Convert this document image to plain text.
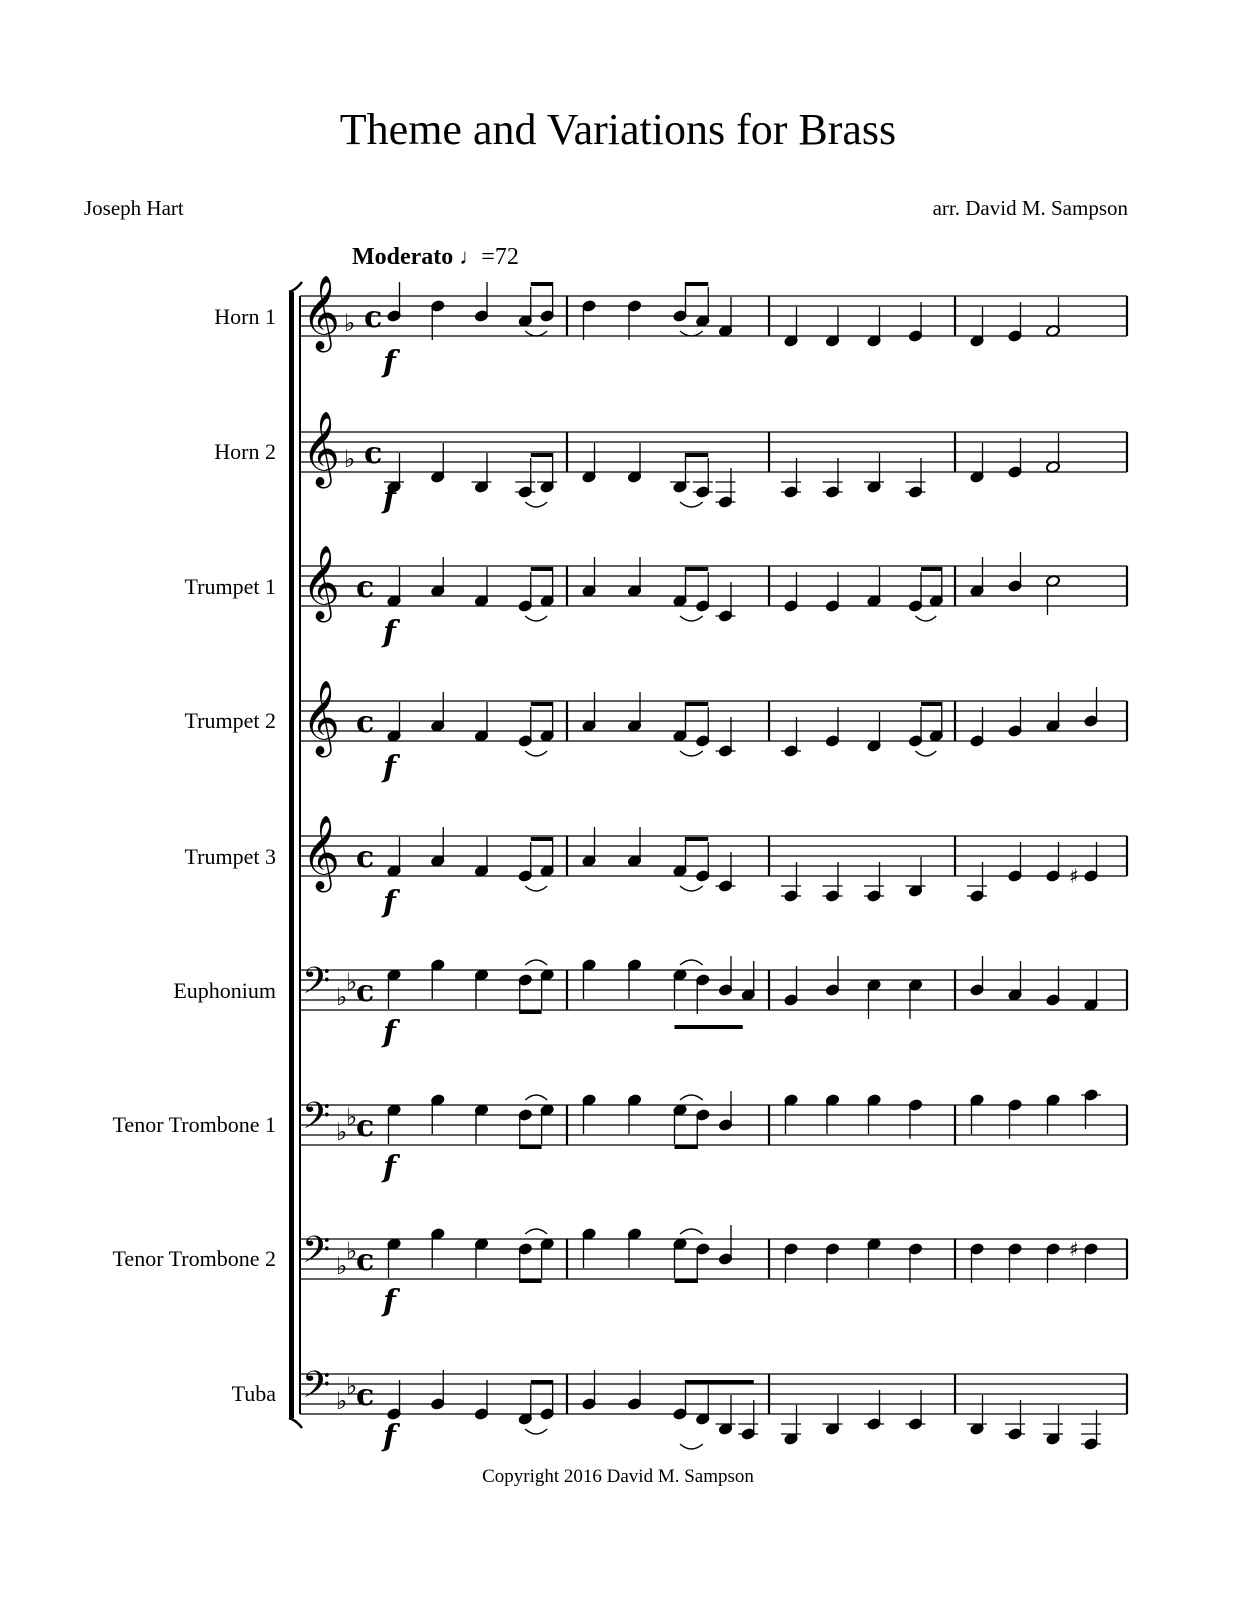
Theme and Variations for Brass
Joseph Hart	arr. David M. Sampson
Moderato ♩=72
Horn 1
Horn 2
Trumpet 1
Trumpet 2
Trumpet 3
Euphonium
Tenor Trombone 1
Tenor Trombone 2
Tuba
𝄞 ♭ c
f
𝄞 ♭ c
f
𝄞 c
f
𝄞 c
f
𝄞 c
♯
f
𝄢 ♭
♭
c
f
𝄢 ♭
♭
c
f
𝄢 ♭
♭
c	♯
f
𝄢 ♭
♭
c
f
Copyright 2016 David M. Sampson
